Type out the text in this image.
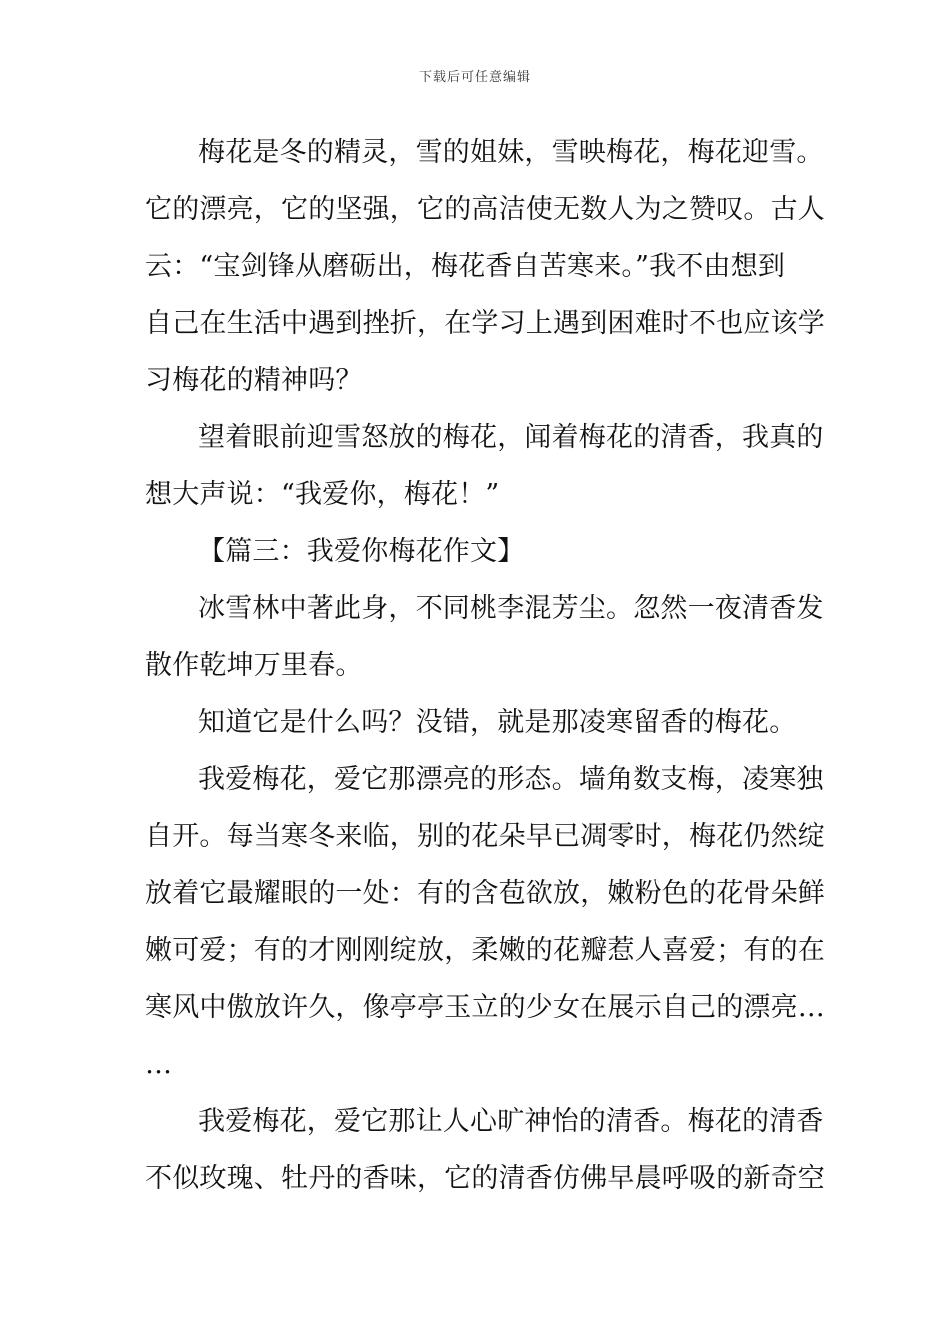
下载后可任意编辑
梅花是冬的精灵，雪的姐妹，雪映梅花，梅花迎雪。
它的漂亮，它的坚强，它的高洁使无数人为之赞叹。古人
云：“宝剑锋从磨砺出，梅花香自苦寒来。”我不由想到
自己在生活中遇到挫折，在学习上遇到困难时不也应该学
习梅花的精神吗？
望着眼前迎雪怒放的梅花，闻着梅花的清香，我真的
想大声说：“我爱你，梅花！”
【篇三：我爱你梅花作文】
冰雪林中著此身，不同桃李混芳尘。忽然一夜清香发
散作乾坤万里春。
知道它是什么吗？没错，就是那凌寒留香的梅花。
我爱梅花，爱它那漂亮的形态。墙角数支梅，凌寒独
自开。每当寒冬来临，别的花朵早已凋零时，梅花仍然绽
放着它最耀眼的一处：有的含苞欲放，嫩粉色的花骨朵鲜
嫩可爱；有的才刚刚绽放，柔嫩的花瓣惹人喜爱；有的在
寒风中傲放许久，像亭亭玉立的少女在展示自己的漂亮…
…
我爱梅花，爱它那让人心旷神怡的清香。梅花的清香
不似玫瑰、牡丹的香味，它的清香仿佛早晨呼吸的新奇空
